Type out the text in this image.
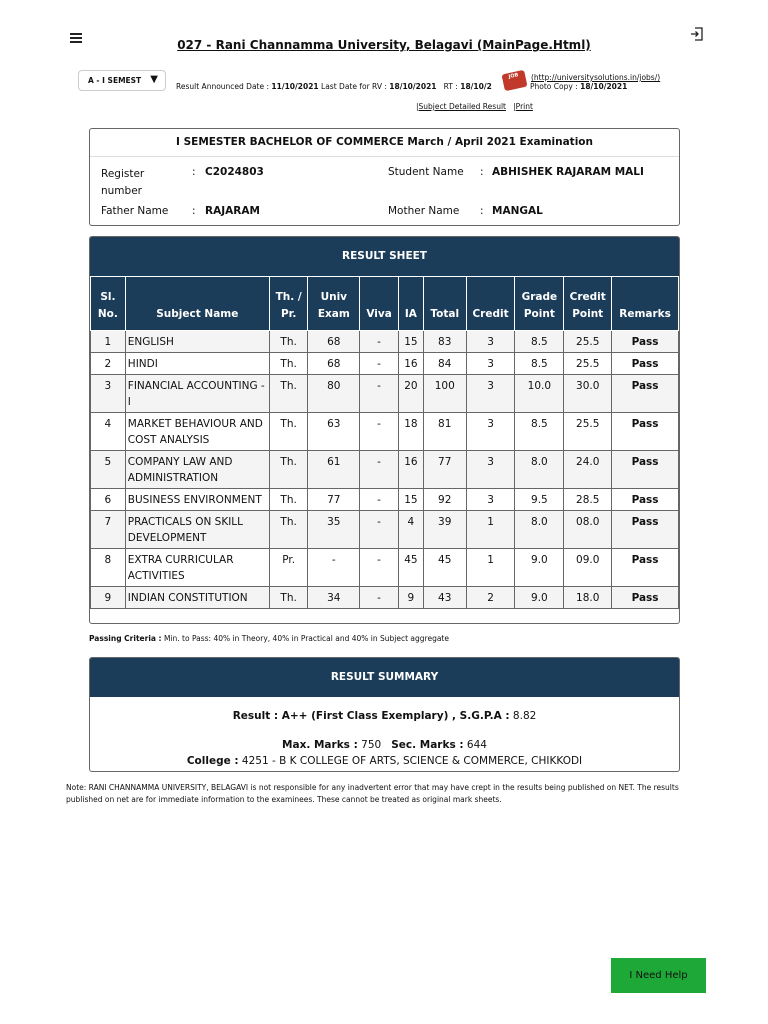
027 - Rani Channamma University, Belagavi (MainPage.Html)
A - I SEMEST ▼
Result Announced Date : 11/10/2021 Last Date for RV : 18/10/2021 RT : 18/10/2
JOB	(http://universitysolutions.in/jobs/)
Photo Copy : 18/10/2021
|Subject Detailed Result |Print
I SEMESTER BACHELOR OF COMMERCE March / April 2021 Examination
Register number
: C2024803	Student Name : ABHISHEK RAJARAM MALI
Father Name : RAJARAM	Mother Name : MANGAL
RESULT SHEET
Sl. No.	Subject Name	Th. / Pr.	Univ Exam	Viva	IA	Total	Credit	Grade Point	Credit Point	Remarks
1	ENGLISH	Th.	68	-	15	83	3	8.5	25.5	Pass
2	HINDI	Th.	68	-	16	84	3	8.5	25.5	Pass
3	FINANCIAL ACCOUNTING - I	Th.	80	-	20	100	3	10.0	30.0	Pass
4	MARKET BEHAVIOUR AND COST ANALYSIS	Th.	63	-	18	81	3	8.5	25.5	Pass
5	COMPANY LAW AND ADMINISTRATION	Th.	61	-	16	77	3	8.0	24.0	Pass
6	BUSINESS ENVIRONMENT	Th.	77	-	15	92	3	9.5	28.5	Pass
7	PRACTICALS ON SKILL DEVELOPMENT	Th.	35	-	4	39	1	8.0	08.0	Pass
8	EXTRA CURRICULAR ACTIVITIES	Pr.	-	-	45	45	1	9.0	09.0	Pass
9	INDIAN CONSTITUTION	Th.	34	-	9	43	2	9.0	18.0	Pass
Passing Criteria : Min. to Pass: 40% in Theory, 40% in Practical and 40% in Subject aggregate
RESULT SUMMARY
Result : A++ (First Class Exemplary) , S.G.P.A : 8.82
Max. Marks : 750 Sec. Marks : 644
College : 4251 - B K COLLEGE OF ARTS, SCIENCE & COMMERCE, CHIKKODI
Note: RANI CHANNAMMA UNIVERSITY, BELAGAVI is not responsible for any inadvertent error that may have crept in the results being published on NET. The results published on net are for immediate information to the examinees. These cannot be treated as original mark sheets.
I Need Help
